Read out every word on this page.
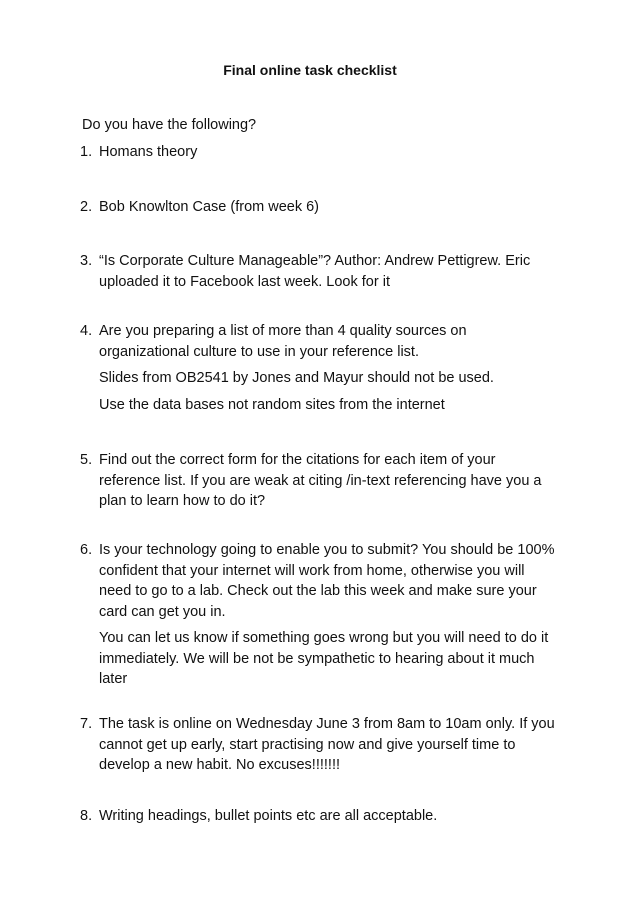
Final online task checklist
Do you have the following?
1. Homans theory

2. Bob Knowlton Case (from week 6)

3. “Is Corporate Culture Manageable”? Author: Andrew Pettigrew. Eric uploaded it to Facebook last week. Look for it

4. Are you preparing a list of more than 4 quality sources on organizational culture to use in your reference list.

Slides from OB2541 by Jones and Mayur should not be used.

Use the data bases not random sites from the internet

5. Find out the correct form for the citations for each item of your reference list. If you are weak at citing /in-text referencing have you a plan to learn how to do it?

6. Is your technology going to enable you to submit? You should be 100% confident that your internet will work from home, otherwise you will need to go to a lab. Check out the lab this week and make sure your card can get you in.

You can let us know if something goes wrong but you will need to do it immediately. We will be not be sympathetic to hearing about it much later

7. The task is online on Wednesday June 3 from 8am to 10am only. If you cannot get up early, start practising now and give yourself time to develop a new habit. No excuses!!!!!!!

8. Writing headings, bullet points etc are all acceptable.
